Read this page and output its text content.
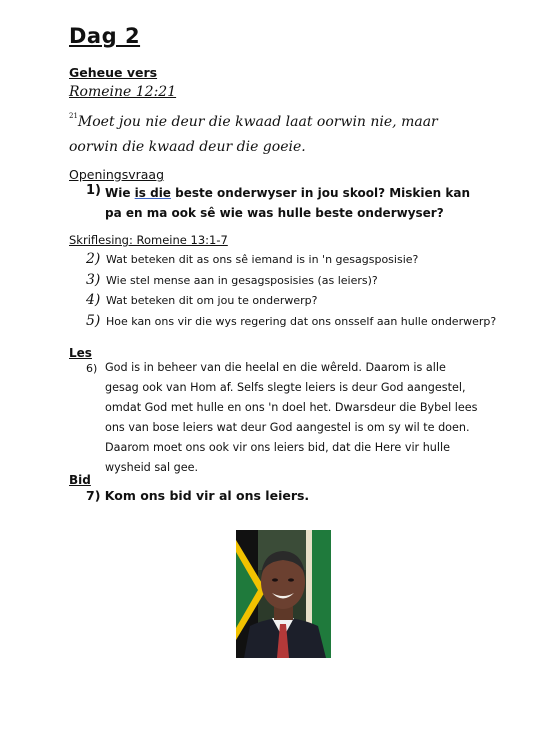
Dag 2
Geheue vers
Romeine 12:21
$^{21}$Moet jou nie deur die kwaad laat oorwin nie, maar oorwin die kwaad deur die goeie.
Openingsvraag
1) Wie is die beste onderwyser in jou skool? Miskien kan pa en ma ook sê wie was hulle beste onderwyser?
Skriflesing: Romeine 13:1-7
2) Wat beteken dit as ons sê iemand is in 'n gesagsposisie?
3) Wie stel mense aan in gesagsposisies (as leiers)?
4) Wat beteken dit om jou te onderwerp?
5) Hoe kan ons vir die wys regering dat ons onsself aan hulle onderwerp?
Les
6) God is in beheer van die heelal en die wêreld. Daarom is alle gesag ook van Hom af. Selfs slegte leiers is deur God aangestel, omdat God met hulle en ons 'n doel het. Dwarsdeur die Bybel lees ons van bose leiers wat deur God aangestel is om sy wil te doen. Daarom moet ons ook vir ons leiers bid, dat die Here vir hulle wysheid sal gee.
Bid
7) Kom ons bid vir al ons leiers.
